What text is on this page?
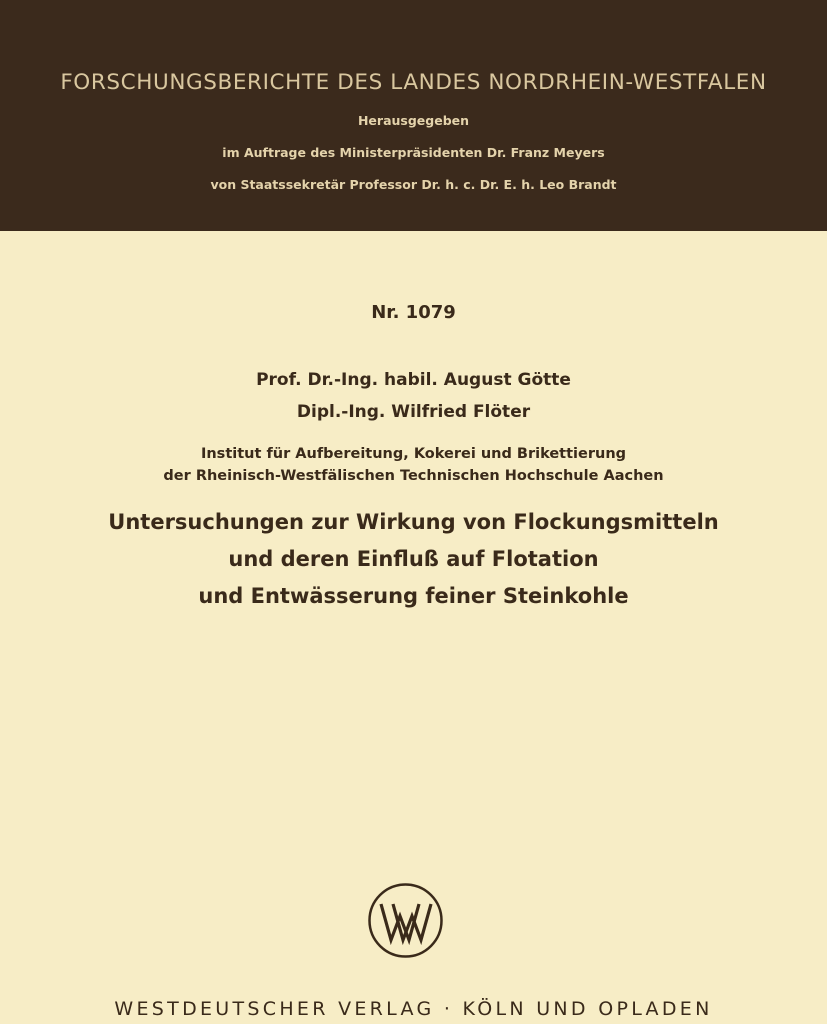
FORSCHUNGSBERICHTE DES LANDES NORDRHEIN-WESTFALEN
Herausgegeben
im Auftrage des Ministerpräsidenten Dr. Franz Meyers
von Staatssekretär Professor Dr. h. c. Dr. E. h. Leo Brandt
Nr. 1079
Prof. Dr.-Ing. habil. August Götte
Dipl.-Ing. Wilfried Flöter
Institut für Aufbereitung, Kokerei und Brikettierung
der Rheinisch-Westfälischen Technischen Hochschule Aachen
Untersuchungen zur Wirkung von Flockungsmitteln
und deren Einfluß auf Flotation
und Entwässerung feiner Steinkohle
WESTDEUTSCHER VERLAG · KÖLN UND OPLADEN
